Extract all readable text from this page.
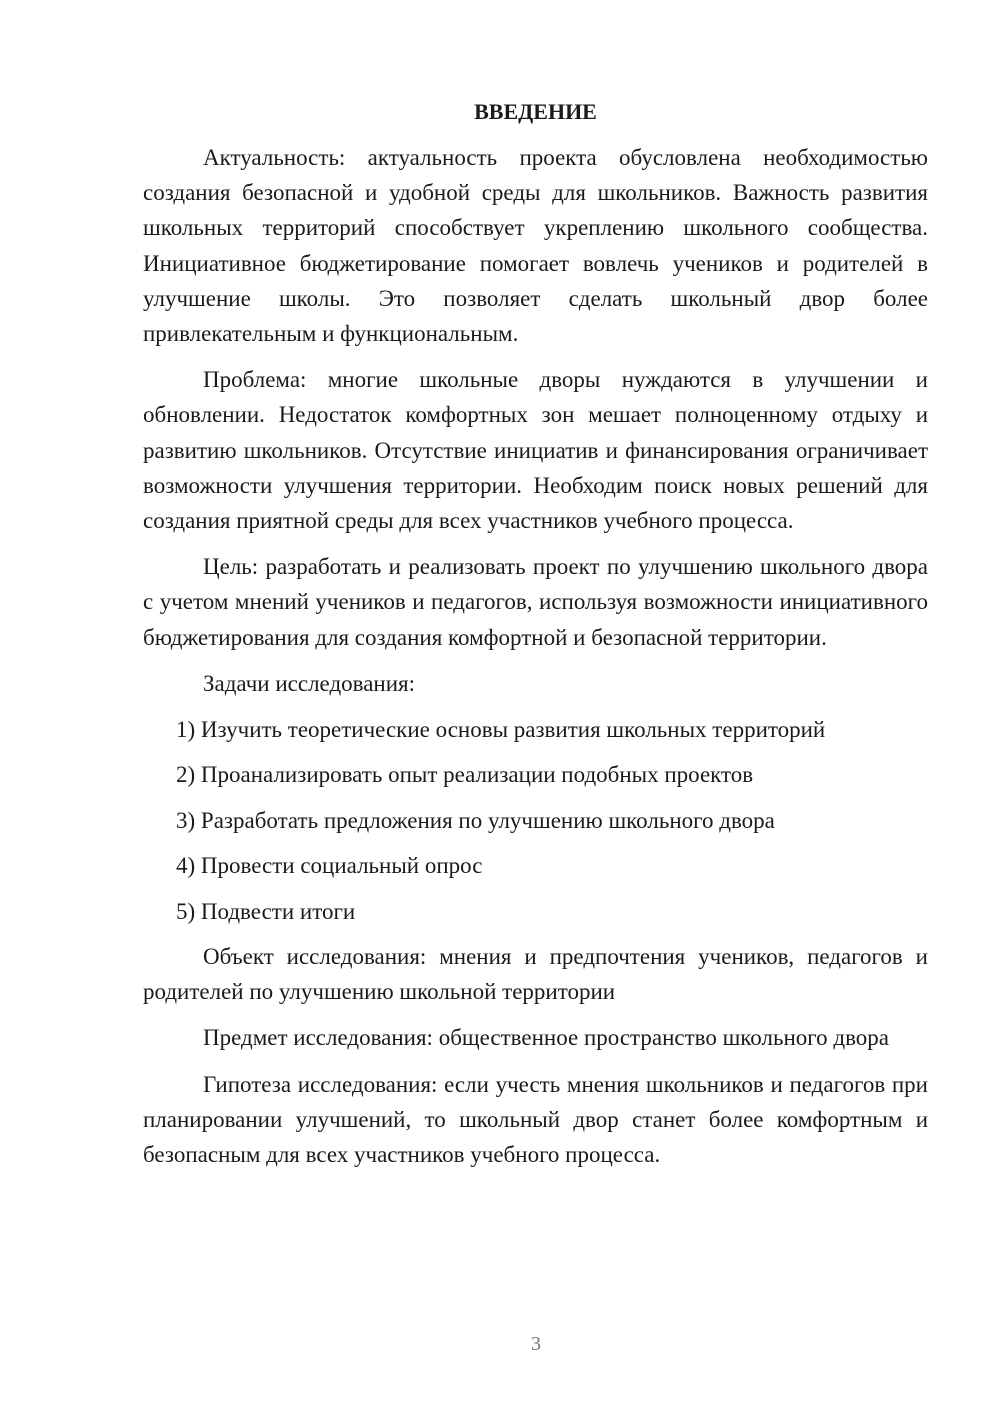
ВВЕДЕНИЕ

Актуальность: актуальность проекта обусловлена необходимостью создания безопасной и удобной среды для школьников. Важность развития школьных территорий способствует укреплению школьного сообщества. Инициативное бюджетирование помогает вовлечь учеников и родителей в улучшение школы. Это позволяет сделать школьный двор более привлекательным и функциональным.

Проблема: многие школьные дворы нуждаются в улучшении и обновлении. Недостаток комфортных зон мешает полноценному отдыху и развитию школьников. Отсутствие инициатив и финансирования ограничивает возможности улучшения территории. Необходим поиск новых решений для создания приятной среды для всех участников учебного процесса.

Цель: разработать и реализовать проект по улучшению школьного двора с учетом мнений учеников и педагогов, используя возможности инициативного бюджетирования для создания комфортной и безопасной территории.

Задачи исследования:

1) Изучить теоретические основы развития школьных территорий
2) Проанализировать опыт реализации подобных проектов
3) Разработать предложения по улучшению школьного двора
4) Провести социальный опрос
5) Подвести итоги

Объект исследования: мнения и предпочтения учеников, педагогов и родителей по улучшению школьной территории

Предмет исследования: общественное пространство школьного двора

Гипотеза исследования: если учесть мнения школьников и педагогов при планировании улучшений, то школьный двор станет более комфортным и безопасным для всех участников учебного процесса.

3
